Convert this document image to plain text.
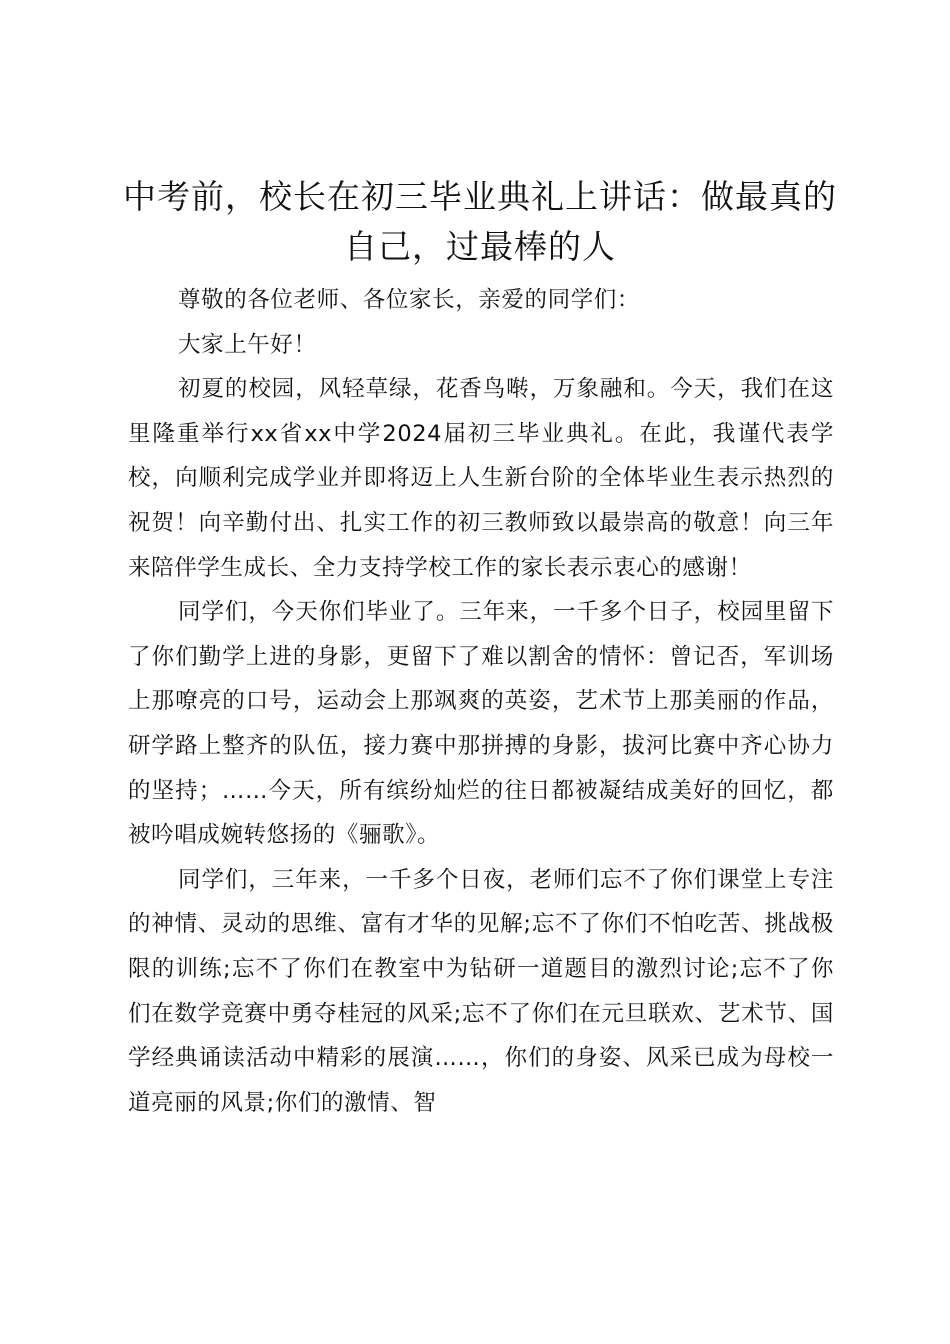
中考前，校长在初三毕业典礼上讲话：做最真的自己，过最棒的人

尊敬的各位老师、各位家长，亲爱的同学们：

大家上午好！

初夏的校园，风轻草绿，花香鸟啭，万象融和。今天，我们在这里隆重举行xx省xx中学2024届初三毕业典礼。在此，我谨代表学校，向顺利完成学业并即将迈上人生新台阶的全体毕业生表示热烈的祝贺！向辛勤付出、扎实工作的初三教师致以最崇高的敬意！向三年来陪伴学生成长、全力支持学校工作的家长表示衷心的感谢！

同学们，今天你们毕业了。三年来，一千多个日子，校园里留下了你们勤学上进的身影，更留下了难以割舍的情怀：曾记否，军训场上那嘹亮的口号，运动会上那飒爽的英姿，艺术节上那美丽的作品，研学路上整齐的队伍，接力赛中那拼搏的身影，拔河比赛中齐心协力的坚持；……今天，所有缤纷灿烂的往日都被凝结成美好的回忆，都被吟唱成婉转悠扬的《骊歌》。

同学们，三年来，一千多个日夜，老师们忘不了你们课堂上专注的神情、灵动的思维、富有才华的见解;忘不了你们不怕吃苦、挑战极限的训练;忘不了你们在教室中为钻研一道题目的激烈讨论;忘不了你们在数学竞赛中勇夺桂冠的风采;忘不了你们在元旦联欢、艺术节、国学经典诵读活动中精彩的展演……，你们的身姿、风采已成为母校一道亮丽的风景;你们的激情、智
